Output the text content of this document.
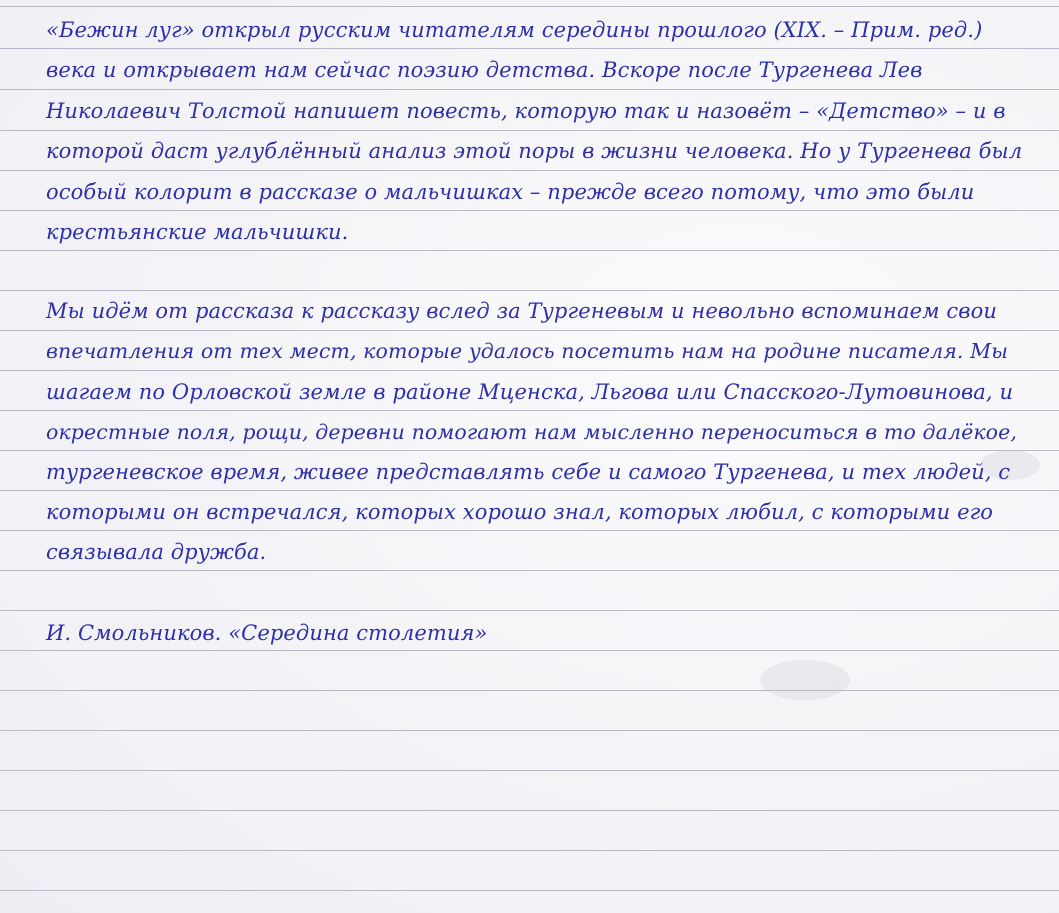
«Бежин луг» открыл русским читателям середины прошлого (XIX. – Прим. ред.)
века и открывает нам сейчас поэзию детства. Вскоре после Тургенева Лев
Николаевич Толстой напишет повесть, которую так и назовёт – «Детство» – и в
которой даст углублённый анализ этой поры в жизни человека. Но у Тургенева был
особый колорит в рассказе о мальчишках – прежде всего потому, что это были
крестьянские мальчишки.
Мы идём от рассказа к рассказу вслед за Тургеневым и невольно вспоминаем свои
впечатления от тех мест, которые удалось посетить нам на родине писателя. Мы
шагаем по Орловской земле в районе Мценска, Льгова или Спасского-Лутовинова, и
окрестные поля, рощи, деревни помогают нам мысленно переноситься в то далёкое,
тургеневское время, живее представлять себе и самого Тургенева, и тех людей, с
которыми он встречался, которых хорошо знал, которых любил, с которыми его
связывала дружба.
И. Смольников. «Середина столетия»
